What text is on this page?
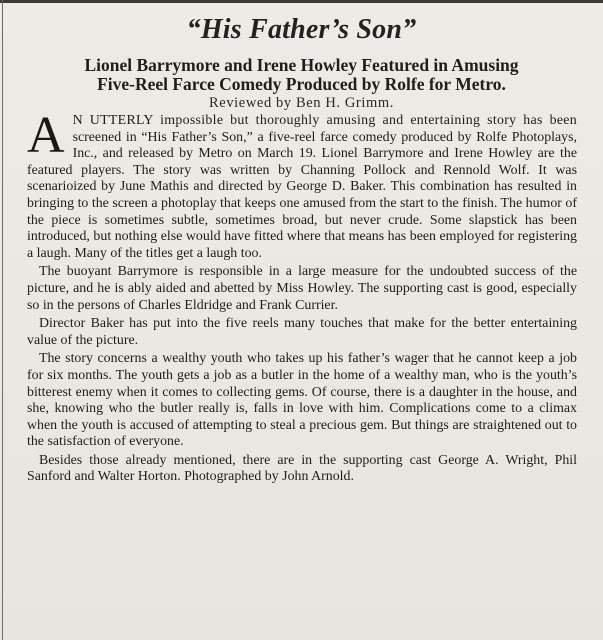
“His Father’s Son”
Lionel Barrymore and Irene Howley Featured in Amusing
Five-Reel Farce Comedy Produced by Rolfe for Metro.
Reviewed by Ben H. Grimm.

A N UTTERLY impossible but thoroughly amusing and entertaining story has been screened in “His Father’s Son,” a five-reel farce comedy produced by Rolfe Photoplays, Inc., and released by Metro on March 19. Lionel Barrymore and Irene Howley are the featured players. The story was written by Channing Pollock and Rennold Wolf. It was scenarioized by June Mathis and directed by George D. Baker. This combination has resulted in bringing to the screen a photoplay that keeps one amused from the start to the finish. The humor of the piece is sometimes subtle, sometimes broad, but never crude. Some slapstick has been introduced, but nothing else would have fitted where that means has been employed for registering a laugh. Many of the titles get a laugh too.

The buoyant Barrymore is responsible in a large measure for the undoubted success of the picture, and he is ably aided and abetted by Miss Howley. The supporting cast is good, especially so in the persons of Charles Eldridge and Frank Currier.

Director Baker has put into the five reels many touches that make for the better entertaining value of the picture.

The story concerns a wealthy youth who takes up his father’s wager that he cannot keep a job for six months. The youth gets a job as a butler in the home of a wealthy man, who is the youth’s bitterest enemy when it comes to collecting gems. Of course, there is a daughter in the house, and she, knowing who the butler really is, falls in love with him. Complications come to a climax when the youth is accused of attempting to steal a precious gem. But things are straightened out to the satisfaction of everyone.

Besides those already mentioned, there are in the supporting cast George A. Wright, Phil Sanford and Walter Horton. Photographed by John Arnold.
